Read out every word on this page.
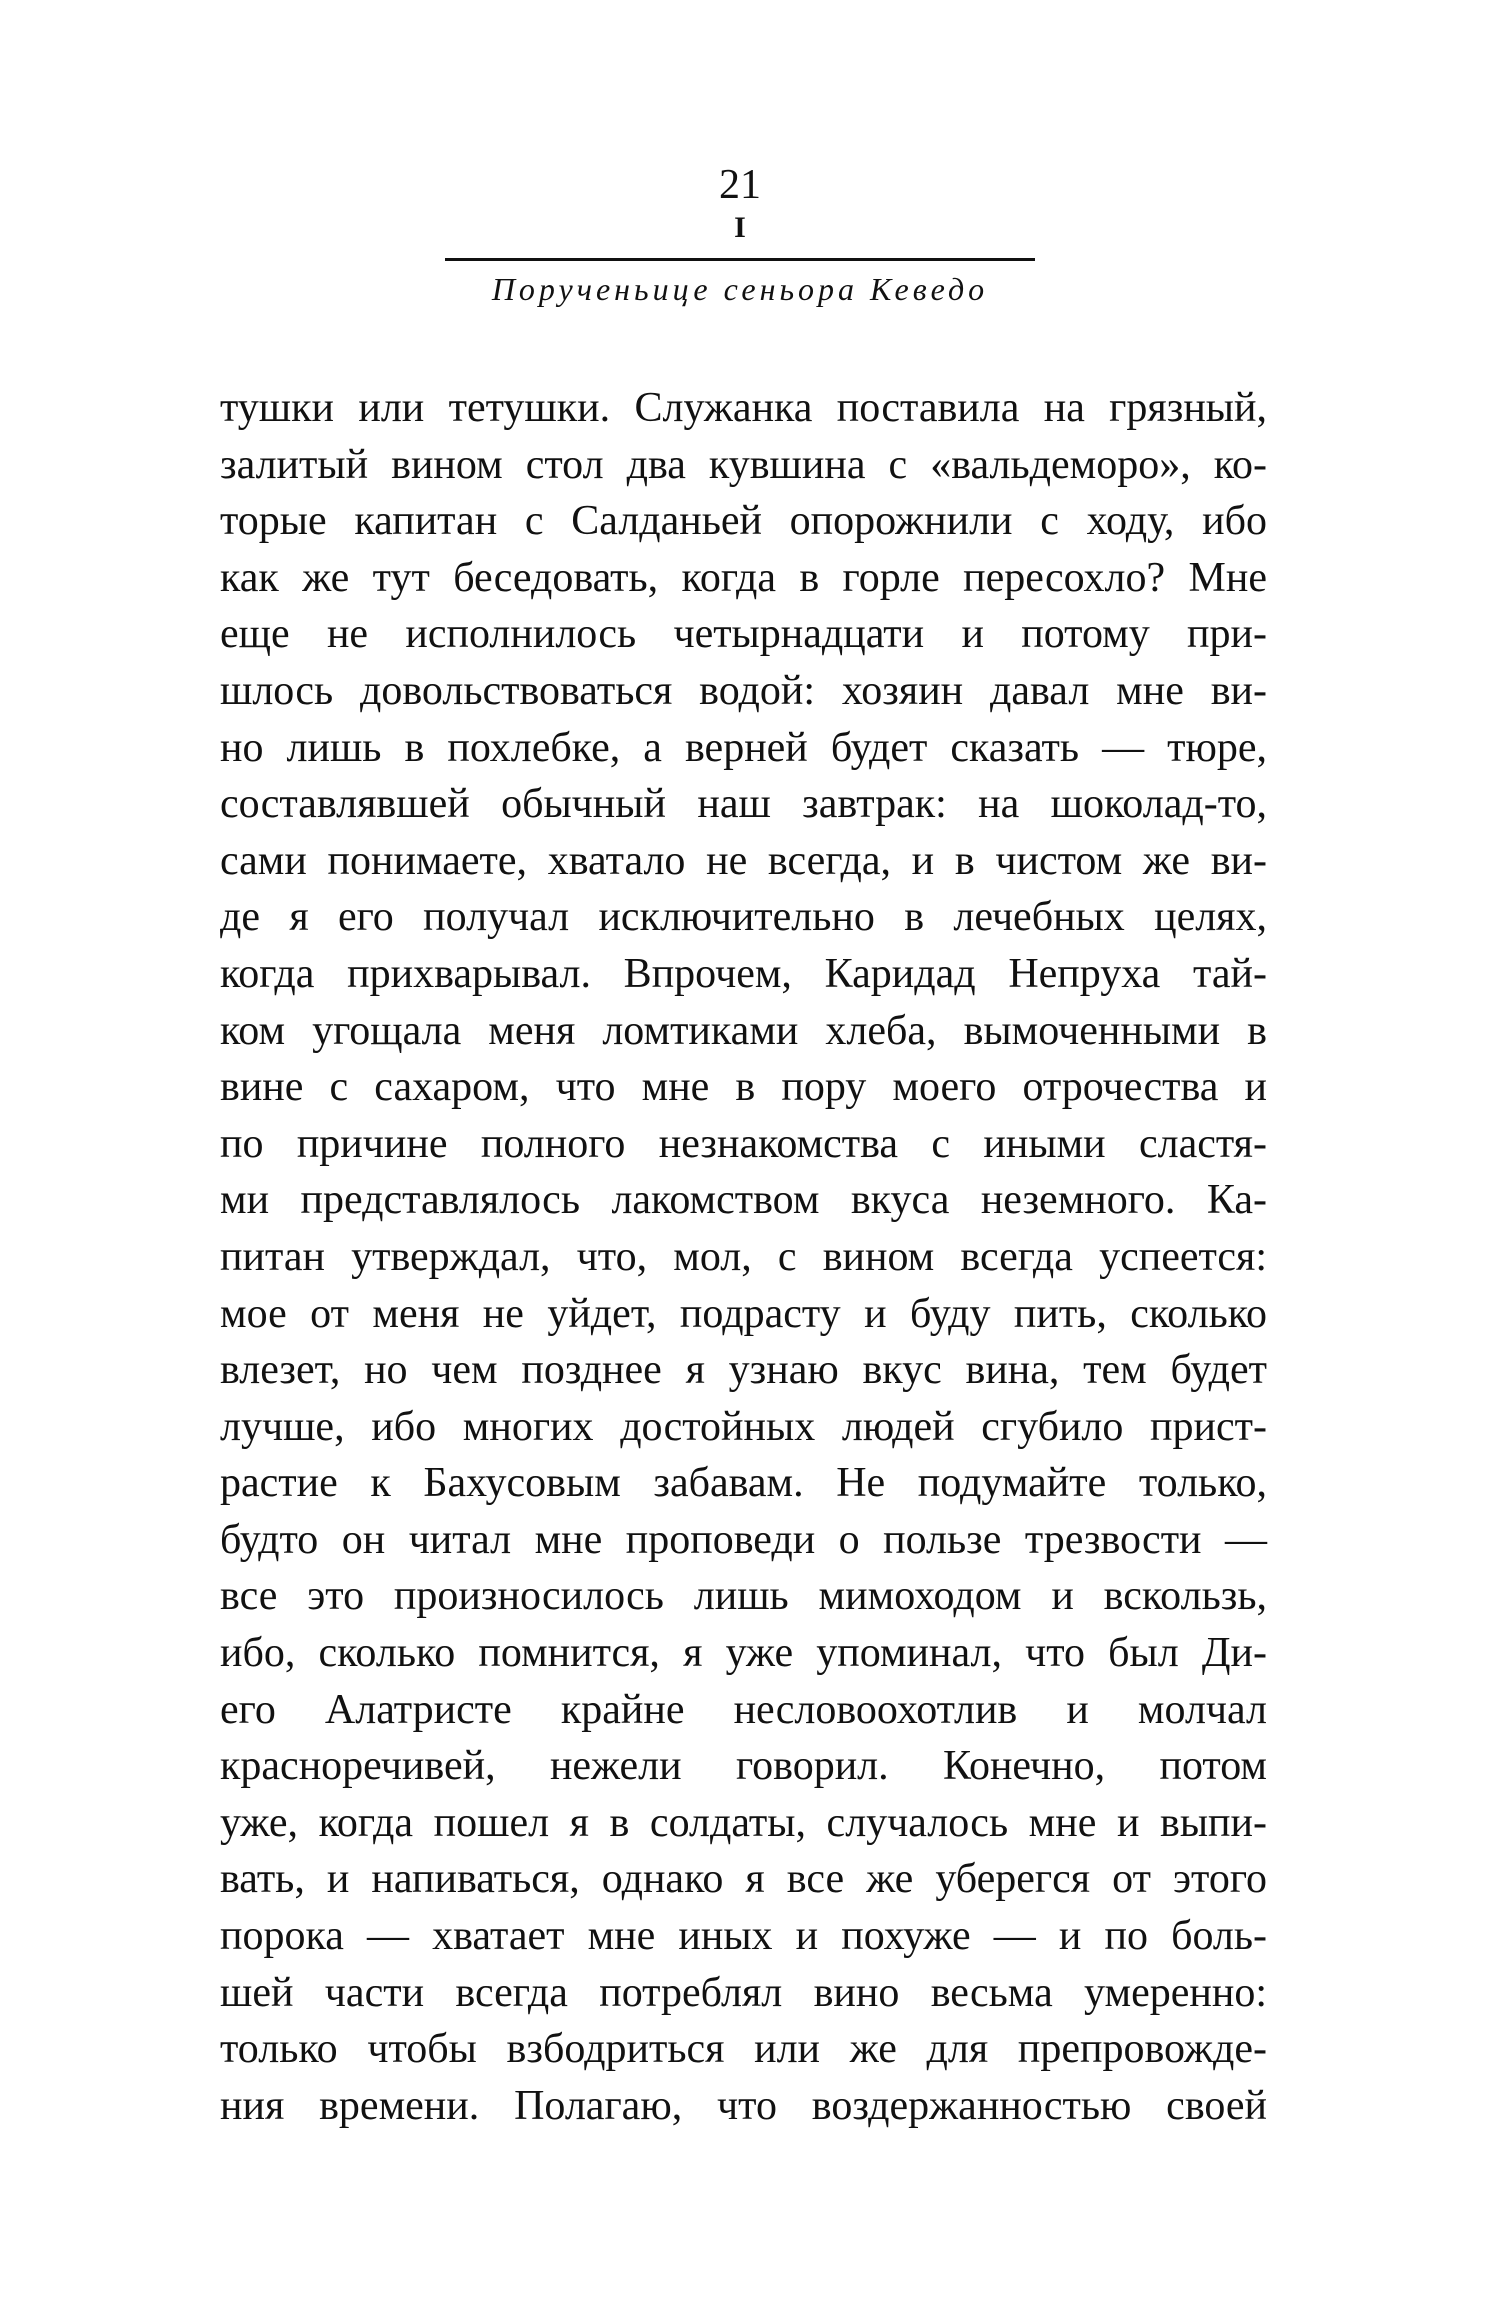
21
I
Порученьице сеньора Кеведо
тушки или тетушки. Служанка поставила на грязный,
залитый вином стол два кувшина с «вальдеморо», ко-
торые капитан с Салданьей опорожнили с ходу, ибо
как же тут беседовать, когда в горле пересохло? Мне
еще не исполнилось четырнадцати и потому при-
шлось довольствоваться водой: хозяин давал мне ви-
но лишь в похлебке, а верней будет сказать — тюре,
составлявшей обычный наш завтрак: на шоколад-то,
сами понимаете, хватало не всегда, и в чистом же ви-
де я его получал исключительно в лечебных целях,
когда прихварывал. Впрочем, Каридад Непруха тай-
ком угощала меня ломтиками хлеба, вымоченными в
вине с сахаром, что мне в пору моего отрочества и
по причине полного незнакомства с иными сластя-
ми представлялось лакомством вкуса неземного. Ка-
питан утверждал, что, мол, с вином всегда успеется:
мое от меня не уйдет, подрасту и буду пить, сколько
влезет, но чем позднее я узнаю вкус вина, тем будет
лучше, ибо многих достойных людей сгубило прист-
растие к Бахусовым забавам. Не подумайте только,
будто он читал мне проповеди о пользе трезвости —
все это произносилось лишь мимоходом и вскользь,
ибо, сколько помнится, я уже упоминал, что был Ди-
его Алатристе крайне несловоохотлив и молчал
красноречивей, нежели говорил. Конечно, потом
уже, когда пошел я в солдаты, случалось мне и выпи-
вать, и напиваться, однако я все же уберегся от этого
порока — хватает мне иных и похуже — и по боль-
шей части всегда потреблял вино весьма умеренно:
только чтобы взбодриться или же для препровожде-
ния времени. Полагаю, что воздержанностью своей
